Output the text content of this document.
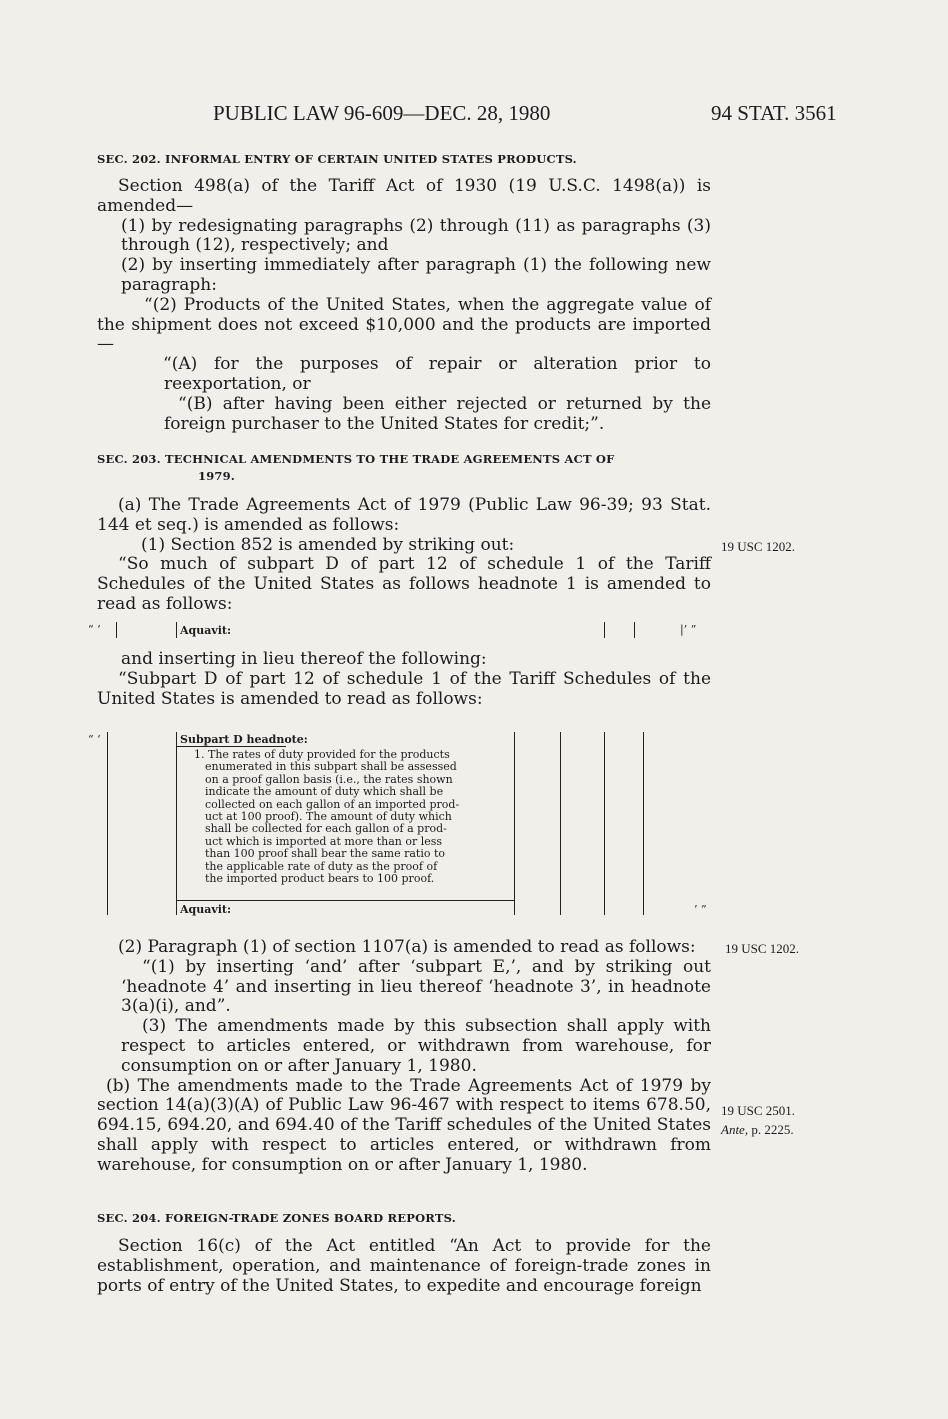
PUBLIC LAW 96-609—DEC. 28, 1980	94 STAT. 3561
SEC. 202. INFORMAL ENTRY OF CERTAIN UNITED STATES PRODUCTS.

Section 498(a) of the Tariff Act of 1930 (19 U.S.C. 1498(a)) is amended—

(1) by redesignating paragraphs (2) through (11) as paragraphs (3) through (12), respectively; and

(2) by inserting immediately after paragraph (1) the following new paragraph:

“(2) Products of the United States, when the aggregate value of the shipment does not exceed $10,000 and the products are imported—

“(A) for the purposes of repair or alteration prior to reexportation, or

“(B) after having been either rejected or returned by the foreign purchaser to the United States for credit;”.

SEC. 203. TECHNICAL AMENDMENTS TO THE TRADE AGREEMENTS ACT OF
1979.

(a) The Trade Agreements Act of 1979 (Public Law 96-39; 93 Stat. 144 et seq.) is amended as follows:

(1) Section 852 is amended by striking out:

“So much of subpart D of part 12 of schedule 1 of the Tariff Schedules of the United States as follows headnote 1 is amended to read as follows:

19 USC 1202.
“ ‘	Aquavit:	|’ ”

and inserting in lieu thereof the following:

“Subpart D of part 12 of schedule 1 of the Tariff Schedules of the United States is amended to read as follows:

“ ‘	Subpart D headnote:
1. The rates of duty provided for the products
enumerated in this subpart shall be assessed
on a proof gallon basis (i.e., the rates shown
indicate the amount of duty which shall be
collected on each gallon of an imported prod-
uct at 100 proof). The amount of duty which
shall be collected for each gallon of a prod-
uct which is imported at more than or less
than 100 proof shall bear the same ratio to
the applicable rate of duty as the proof of
the imported product bears to 100 proof.
Aquavit:	’ ”

(2) Paragraph (1) of section 1107(a) is amended to read as follows:

“(1) by inserting ‘and’ after ‘subpart E,’, and by striking out ‘headnote 4’ and inserting in lieu thereof ‘headnote 3’, in headnote 3(a)(i), and”.

(3) The amendments made by this subsection shall apply with respect to articles entered, or withdrawn from warehouse, for consumption on or after January 1, 1980.

(b) The amendments made to the Trade Agreements Act of 1979 by section 14(a)(3)(A) of Public Law 96-467 with respect to items 678.50, 694.15, 694.20, and 694.40 of the Tariff schedules of the United States shall apply with respect to articles entered, or withdrawn from warehouse, for consumption on or after January 1, 1980.

19 USC 1202.
19 USC 2501.
Ante, p. 2225.
SEC. 204. FOREIGN-TRADE ZONES BOARD REPORTS.

Section 16(c) of the Act entitled “An Act to provide for the establishment, operation, and maintenance of foreign-trade zones in ports of entry of the United States, to expedite and encourage foreign
